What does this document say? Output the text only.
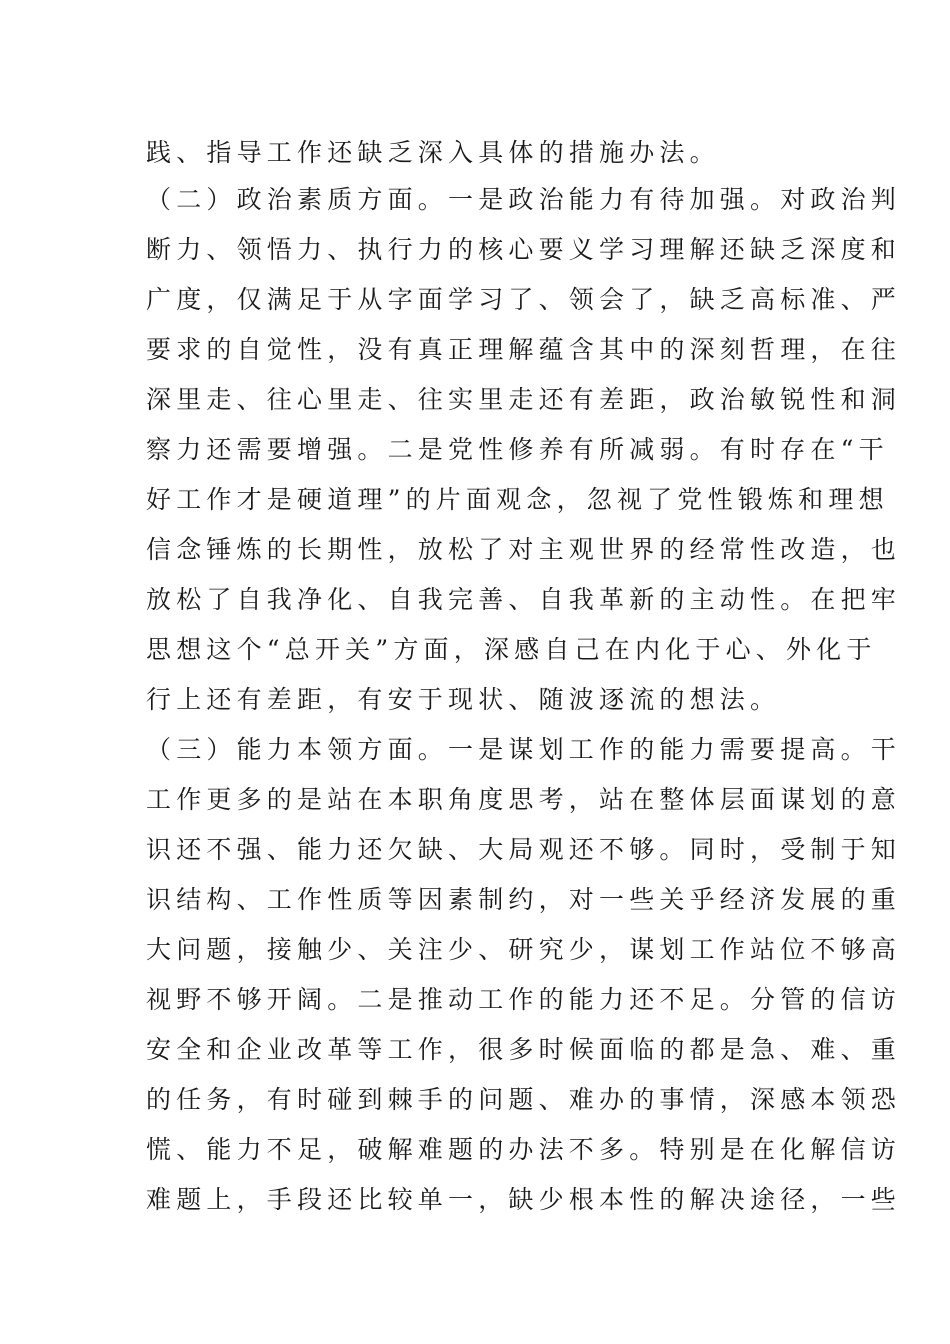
践、指导工作还缺乏深入具体的措施办法。
（二）政治素质方面。一是政治能力有待加强。对政治判
断力、领悟力、执行力的核心要义学习理解还缺乏深度和
广度，仅满足于从字面学习了、领会了，缺乏高标准、严
要求的自觉性，没有真正理解蕴含其中的深刻哲理，在往
深里走、往心里走、往实里走还有差距，政治敏锐性和洞
察力还需要增强。二是党性修养有所减弱。有时存在“干
好工作才是硬道理”的片面观念，忽视了党性锻炼和理想
信念锤炼的长期性，放松了对主观世界的经常性改造，也
放松了自我净化、自我完善、自我革新的主动性。在把牢
思想这个“总开关”方面，深感自己在内化于心、外化于
行上还有差距，有安于现状、随波逐流的想法。
（三）能力本领方面。一是谋划工作的能力需要提高。干
工作更多的是站在本职角度思考，站在整体层面谋划的意
识还不强、能力还欠缺、大局观还不够。同时，受制于知
识结构、工作性质等因素制约，对一些关乎经济发展的重
大问题，接触少、关注少、研究少，谋划工作站位不够高
视野不够开阔。二是推动工作的能力还不足。分管的信访
安全和企业改革等工作，很多时候面临的都是急、难、重
的任务，有时碰到棘手的问题、难办的事情，深感本领恐
慌、能力不足，破解难题的办法不多。特别是在化解信访
难题上，手段还比较单一，缺少根本性的解决途径，一些
